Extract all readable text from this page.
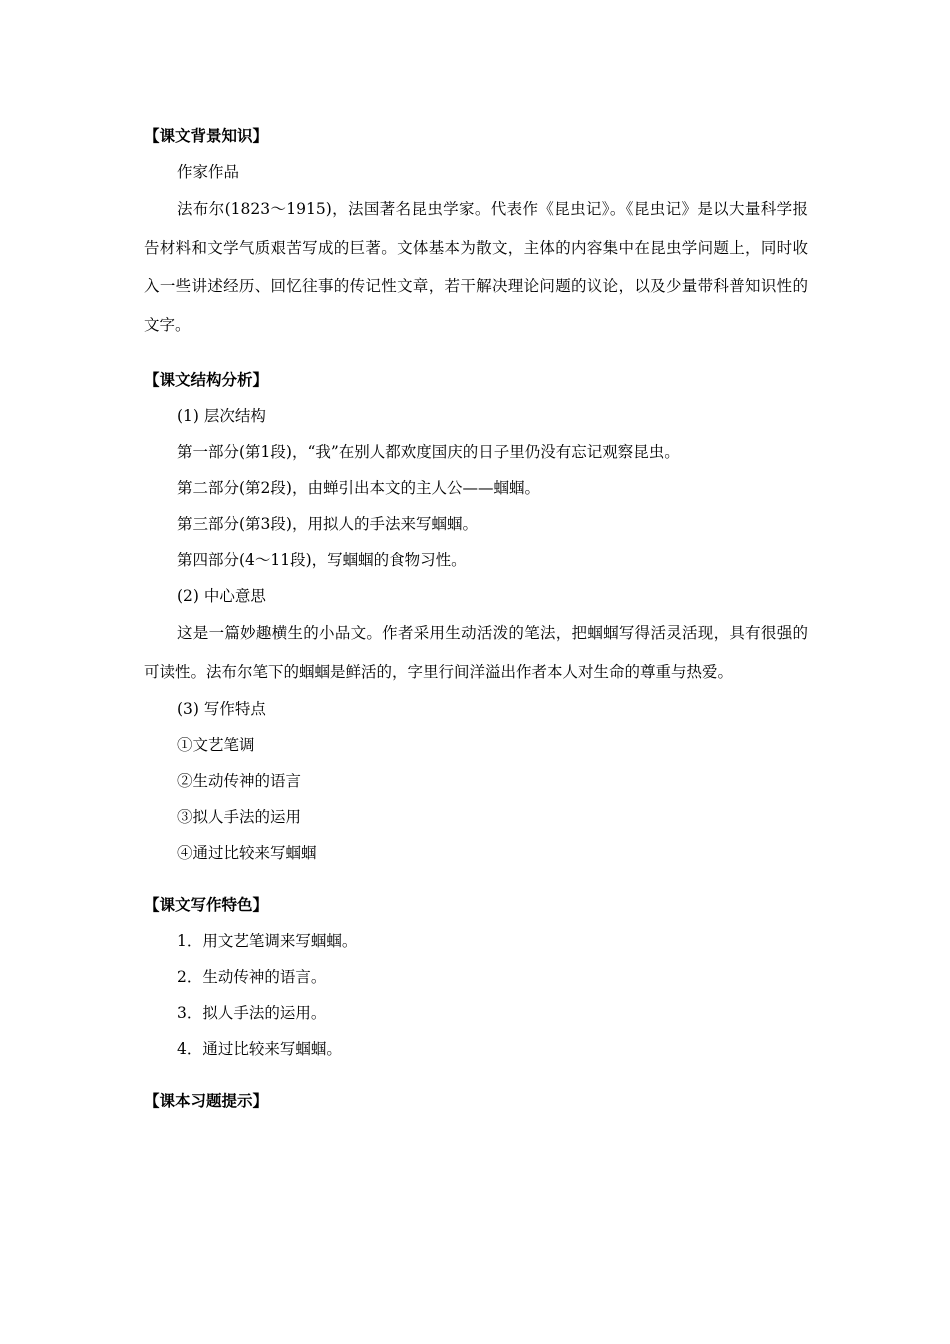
【课文背景知识】
作家作品
法布尔(1823～1915)，法国著名昆虫学家。代表作《昆虫记》。《昆虫记》是以大量科学报告材料和文学气质艰苦写成的巨著。文体基本为散文，主体的内容集中在昆虫学问题上，同时收入一些讲述经历、回忆往事的传记性文章，若干解决理论问题的议论，以及少量带科普知识性的文字。
【课文结构分析】
(1) 层次结构
第一部分(第1段)，“我”在别人都欢度国庆的日子里仍没有忘记观察昆虫。
第二部分(第2段)，由蝉引出本文的主人公——蝈蝈。
第三部分(第3段)，用拟人的手法来写蝈蝈。
第四部分(4～11段)，写蝈蝈的食物习性。
(2) 中心意思
这是一篇妙趣横生的小品文。作者采用生动活泼的笔法，把蝈蝈写得活灵活现，具有很强的可读性。法布尔笔下的蝈蝈是鲜活的，字里行间洋溢出作者本人对生命的尊重与热爱。
(3) 写作特点
①文艺笔调
②生动传神的语言
③拟人手法的运用
④通过比较来写蝈蝈
【课文写作特色】
1．用文艺笔调来写蝈蝈。
2．生动传神的语言。
3．拟人手法的运用。
4．通过比较来写蝈蝈。
【课本习题提示】
